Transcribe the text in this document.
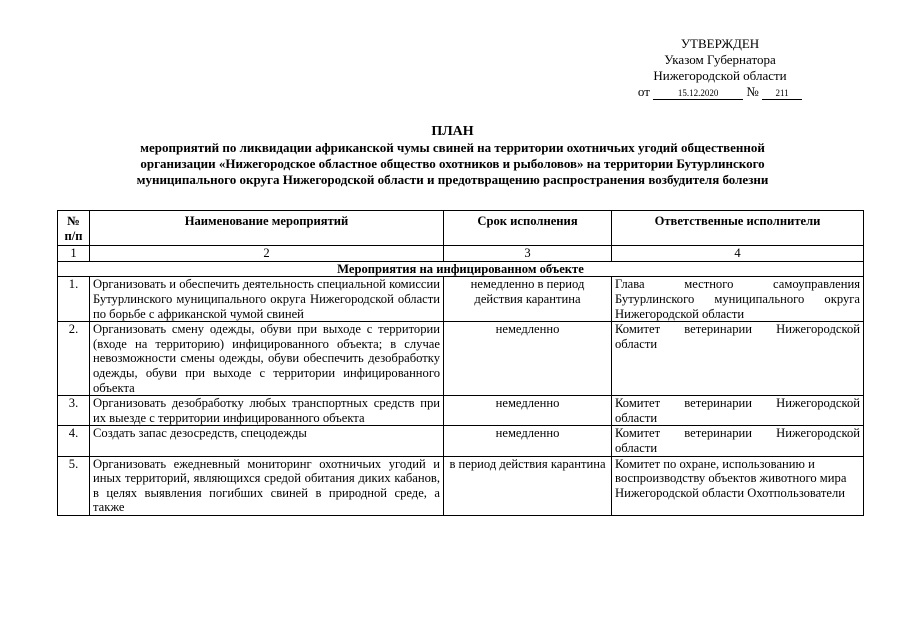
УТВЕРЖДЕН
Указом Губернатора
Нижегородской области
от	15.12.2020 № 211
ПЛАН
мероприятий по ликвидации африканской чумы свиней на территории охотничьих угодий общественной
организации «Нижегородское областное общество охотников и рыболовов» на территории Бутурлинского
муниципального округа Нижегородской области и предотвращению распространения возбудителя болезни
№ п/п	Наименование мероприятий	Срок исполнения	Ответственные исполнители
1	2	3	4
Мероприятия на инфицированном объекте			
1.	Организовать и обеспечить деятельность специальной комиссии Бутурлинского муниципального округа Нижегородской области по борьбе с африканской чумой свиней	немедленно в период действия карантина	Глава местного самоуправления Бутурлинского муниципального округа Нижегородской области
2.	Организовать смену одежды, обуви при выходе с территории (входе на территорию) инфицированного объекта; в случае невозможности смены одежды, обуви обеспечить дезобработку одежды, обуви при выходе с территории инфицированного объекта	немедленно	Комитет ветеринарии Нижегородской области
3.	Организовать дезобработку любых транспортных средств при их выезде с территории инфицированного объекта	немедленно	Комитет ветеринарии Нижегородской области
4.	Создать запас дезосредств, спецодежды	немедленно	Комитет ветеринарии Нижегородской области
5.	Организовать ежедневный мониторинг охотничьих угодий и иных территорий, являющихся средой обитания диких кабанов, в целях выявления погибших свиней в природной среде, а также	в период действия карантина	Комитет по охране, использованию и воспроизводству объектов животного мира Нижегородской области Охотпользователи
